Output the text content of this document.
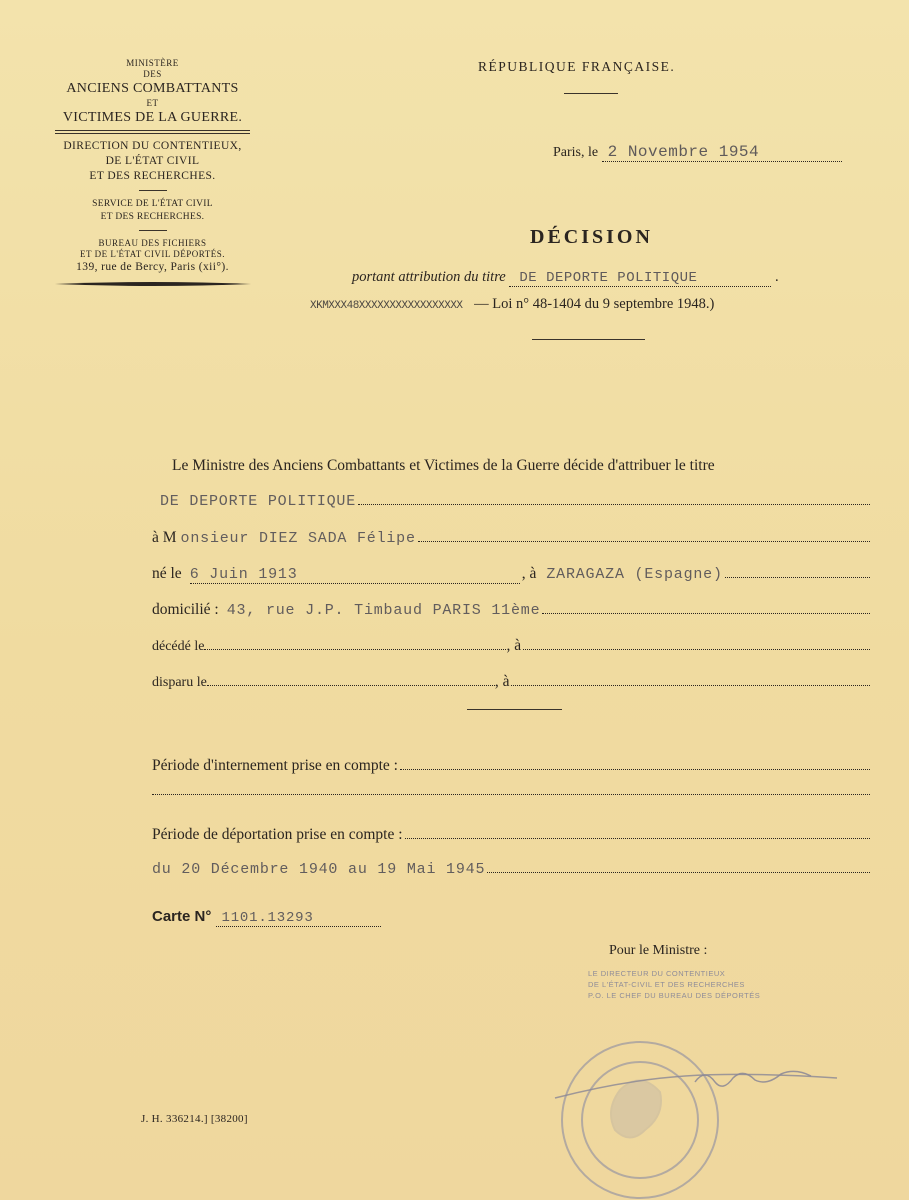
MINISTÈRE
DES
ANCIENS COMBATTANTS
ET
VICTIMES DE LA GUERRE.
DIRECTION DU CONTENTIEUX,
DE L'ÉTAT CIVIL
ET DES RECHERCHES.
SERVICE DE L'ÉTAT CIVIL
ET DES RECHERCHES.
BUREAU DES FICHIERS
ET DE L'ÉTAT CIVIL DÉPORTÉS.
139, rue de Bercy, Paris (xii°).
RÉPUBLIQUE FRANÇAISE.
Paris, le 2 Novembre 1954
DÉCISION
portant attribution du titre DE DEPORTE POLITIQUE	.
XKMXXX48XXXXXXXXXXXXXXXXX — Loi n° 48-1404 du 9 septembre 1948.)
Le Ministre des Anciens Combattants et Victimes de la Guerre décide d'attribuer le titre
DE DEPORTE POLITIQUE
à M onsieur DIEZ SADA Félipe
né le 6 Juin 1913	, à ZARAGAZA (Espagne)
domicilié : 43, rue J.P. Timbaud PARIS 11ème
décédé le	, à
disparu le	, à
Période d'internement prise en compte :
Période de déportation prise en compte :
du 20 Décembre 1940 au 19 Mai 1945
Carte N° 1101.13293
Pour le Ministre :
LE DIRECTEUR DU CONTENTIEUX
DE L'ÉTAT-CIVIL ET DES RECHERCHES
P.O. LE CHEF DU BUREAU DES DÉPORTÉS
J. H. 336214.] [38200]
